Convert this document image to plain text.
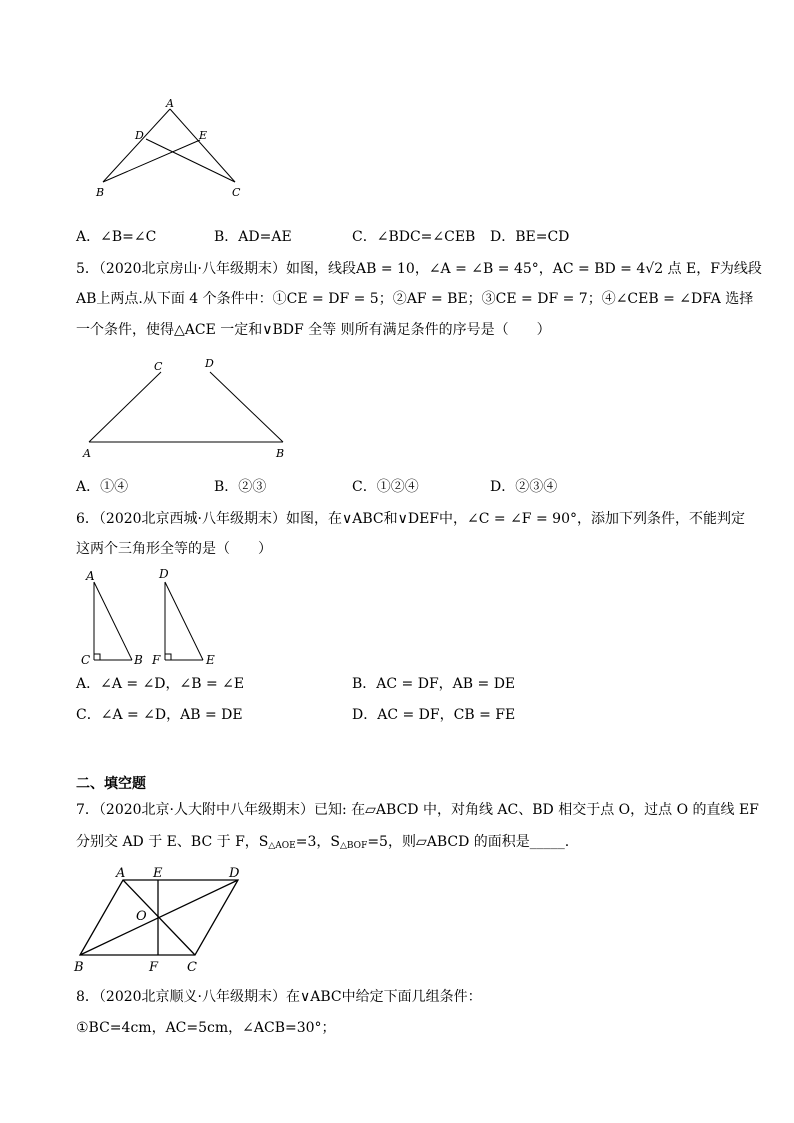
A
D	E
B	C
A．∠B=∠C	B．AD=AE	C．∠BDC=∠CEB D．BE=CD
5．（2020北京房山·八年级期末）如图，线段AB = 10，∠A = ∠B = 45°，AC = BD = 4√2 点 E，F为线段
AB上两点.从下面 4 个条件中：①CE = DF = 5；②AF = BE；③CE = DF = 7；④∠CEB = ∠DFA 选择
一个条件，使得△ACE 一定和∨BDF 全等 则所有满足条件的序号是（　　）
C	D
A	B
A．①④	B．②③	C．①②④	D．②③④
6．（2020北京西城·八年级期末）如图，在∨ABC和∨DEF中，∠C = ∠F = 90°，添加下列条件，不能判定
这两个三角形全等的是（　　）
A
C	B
D
F	E
A．∠A = ∠D，∠B = ∠E	B．AC = DF，AB = DE
C．∠A = ∠D，AB = DE	D．AC = DF，CB = FE
二、填空题
7．（2020北京·人大附中八年级期末）已知: 在▱ABCD 中，对角线 AC、BD 相交于点 O，过点 O 的直线 EF
分别交 AD 于 E、BC 于 F，$S_{\triangle AOE}=3$，$S_{\triangle BOF}=5$，则▱ABCD 的面积是_____.
A E	D
O
B	F C
8．（2020北京顺义·八年级期末）在∨ABC中给定下面几组条件：
①BC=4cm，AC=5cm，∠ACB=30°；
